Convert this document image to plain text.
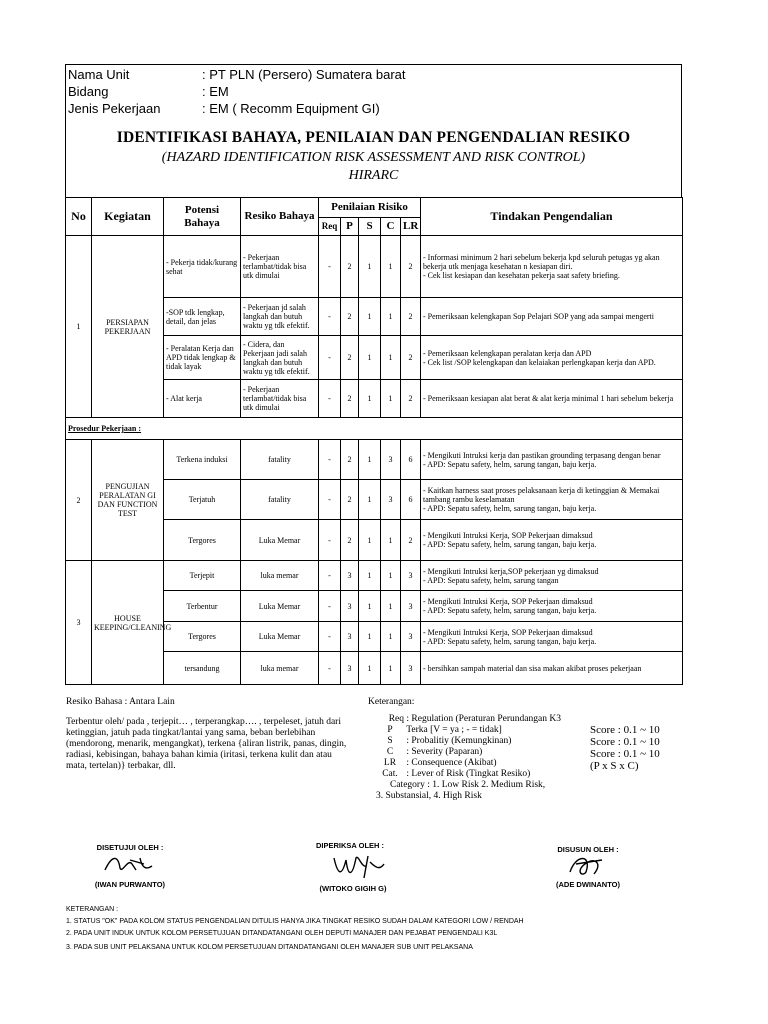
Nama Unit	: PT PLN (Persero) Sumatera barat
Bidang	: EM
Jenis Pekerjaan	: EM ( Recomm Equipment GI)
IDENTIFIKASI BAHAYA, PENILAIAN DAN PENGENDALIAN RESIKO
(HAZARD IDENTIFICATION RISK ASSESSMENT AND RISK CONTROL)
HIRARC
No	Kegiatan	Potensi Bahaya	Resiko Bahaya	Penilaian Risiko					Tindakan Pengendalian
				Req	P	S	C	LR	
1	PERSIAPAN PEKERJAAN	- Pekerja tidak/kurang sehat	- Pekerjaan terlambat/tidak bisa utk dimulai	-	2	1	1	2	- Informasi minimum 2 hari sebelum bekerja kpd seluruh petugas yg akan bekerja utk menjaga kesehatan n kesiapan diri.
- Cek list kesiapan dan kesehatan pekerja saat safety briefing.

		-SOP tdk lengkap, detail, dan jelas	- Pekerjaan jd salah langkah dan butuh waktu yg tdk efektif.	-	2	1	1	2	- Pemeriksaan kelengkapan Sop Pelajari SOP yang ada sampai mengerti

		- Peralatan Kerja dan APD tidak lengkap & tidak layak	- Cidera, dan Pekerjaan jadi salah langkah dan butuh waktu yg tdk efektif.	-	2	1	1	2	- Pemeriksaan kelengkapan peralatan kerja dan APD
- Cek list /SOP kelengkapan dan kelaiakan perlengkapan kerja dan APD.

		- Alat kerja	- Pekerjaan terlambat/tidak bisa utk dimulai	-	2	1	1	2	- Pemeriksaan kesiapan alat berat & alat kerja minimal 1 hari sebelum bekerja

Prosedur Pekerjaan :									
2	PENGUJIAN PERALATAN GI DAN FUNCTION TEST	Terkena induksi	fatality	-	2	1	3	6	- Mengikuti Intruksi kerja dan pastikan grounding terpasang dengan benar
- APD: Sepatu safety, helm, sarung tangan, baju kerja.

		Terjatuh	fatality	-	2	1	3	6	- Kaitkan harness saat proses pelaksanaan kerja di ketinggian & Memakai tambang rambu keselamatan
- APD: Sepatu safety, helm, sarung tangan, baju kerja.

		Tergores	Luka Memar	-	2	1	1	2	- Mengikuti Intruksi Kerja, SOP Pekerjaan dimaksud
- APD: Sepatu safety, helm, sarung tangan, baju kerja.

3	HOUSE KEEPING/CLEANING	Terjepit	luka memar	-	3	1	1	3	- Mengikuti Intruksi kerja,SOP pekerjaan yg dimaksud
- APD: Sepatu safety, helm, sarung tangan

		Terbentur	Luka Memar	-	3	1	1	3	- Mengikuti Intruksi Kerja, SOP Pekerjaan dimaksud
- APD: Sepatu safety, helm, sarung tangan, baju kerja.

		Tergores	Luka Memar	-	3	1	1	3	- Mengikuti Intruksi Kerja, SOP Pekerjaan dimaksud
- APD: Sepatu safety, helm, sarung tangan, baju kerja.

		tersandung	luka memar	-	3	1	1	3	- bersihkan sampah material dan sisa makan akibat proses pekerjaan
Resiko Bahasa : Antara Lain
Terbentur oleh/ pada , terjepit… , terperangkap…. , terpeleset, jatuh dari ketinggian, jatuh pada tingkat/lantai yang sama, beban berlebihan (mendorong, menarik, mengangkat), terkena {aliran listrik, panas, dingin, radiasi, kebisingan, bahaya bahan kimia (iritasi, terkena kulit dan atau mata, tertelan)} terbakar, dll.
Keterangan:
Req : Regulation (Peraturan Perundangan K3
P Terka [V = ya ; - = tidak]
S : Probalitiy (Kemungkinan)
C : Severity (Paparan)
LR : Consequence (Akibat)
Cat. : Lever of Risk (Tingkat Resiko)
Category : 1. Low Risk 2. Medium Risk,
3. Substansial, 4. High Risk
Score : 0.1 ~ 10
Score : 0.1 ~ 10
Score : 0.1 ~ 10
(P x S x C)
DISETUJUI OLEH :
(IWAN PURWANTO)
DIPERIKSA OLEH :
(WITOKO GIGIH G)
DISUSUN OLEH :
(ADE DWINANTO)
KETERANGAN :
1. STATUS "OK" PADA KOLOM STATUS PENGENDALIAN DITULIS HANYA JIKA TINGKAT RESIKO SUDAH DALAM KATEGORI LOW / RENDAH
2. PADA UNIT INDUK UNTUK KOLOM PERSETUJUAN DITANDATANGANI OLEH DEPUTI MANAJER DAN PEJABAT PENGENDALI K3L
3. PADA SUB UNIT PELAKSANA UNTUK KOLOM PERSETUJUAN DITANDATANGANI OLEH MANAJER SUB UNIT PELAKSANA
